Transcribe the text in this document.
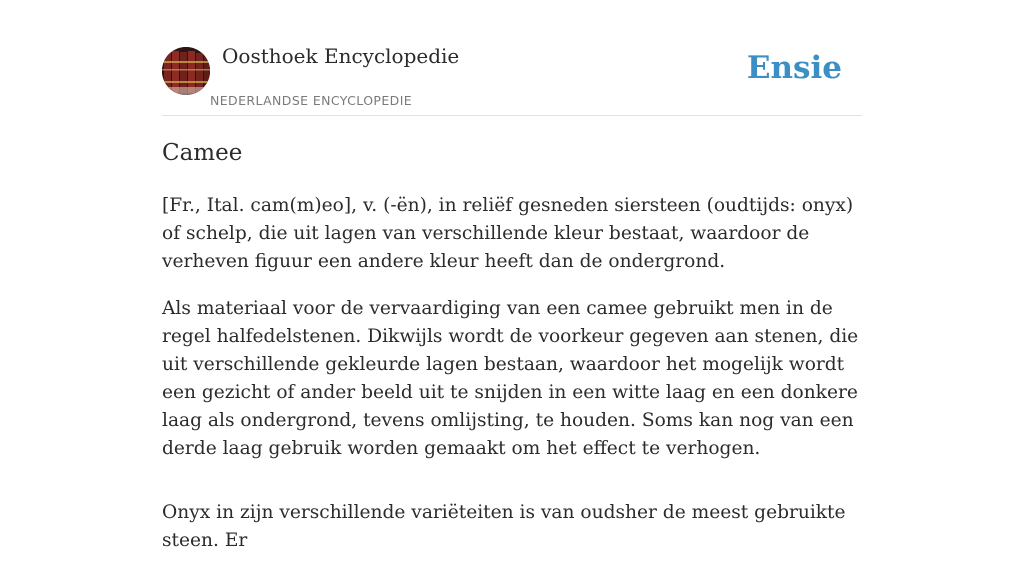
Oosthoek Encyclopedie
NEDERLANDSE ENCYCLOPEDIE
Ensie
Camee

[Fr., Ital. cam(m)eo], v. (-ën), in reliëf gesneden siersteen (oudtijds: onyx) of schelp, die uit lagen van verschillende kleur bestaat, waardoor de verheven figuur een andere kleur heeft dan de ondergrond.

Als materiaal voor de vervaardiging van een camee gebruikt men in de regel halfedelstenen. Dikwijls wordt de voorkeur gegeven aan stenen, die uit verschillende gekleurde lagen bestaan, waardoor het mogelijk wordt een gezicht of ander beeld uit te snijden in een witte laag en een donkere laag als ondergrond, tevens omlijsting, te houden. Soms kan nog van een derde laag gebruik worden gemaakt om het effect te verhogen.

Onyx in zijn verschillende variëteiten is van oudsher de meest gebruikte steen. Er
